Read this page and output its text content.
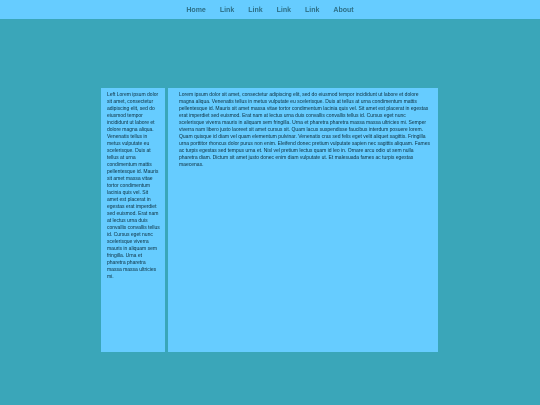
Home Link Link Link Link About

Left Lorem ipsum dolor sit amet, consectetur adipiscing elit, sed do eiusmod tempor incididunt ut labore et dolore magna aliqua. Venenatis tellus in metus vulputate eu scelerisque. Duis at tellus at urna condimentum mattis pellentesque id. Mauris sit amet massa vitae tortor condimentum lacinia quis vel. Sit amet est placerat in egestas erat imperdiet sed euismod. Erat nam at lectus urna duis convallis convallis tellus id. Cursus eget nunc scelerisque viverra mauris in aliquam sem fringilla. Urna et pharetra pharetra massa massa ultricies mi.

Lorem ipsum dolor sit amet, consectetur adipiscing elit, sed do eiusmod tempor incididunt ut labore et dolore magna aliqua. Venenatis tellus in metus vulputate eu scelerisque. Duis at tellus at urna condimentum mattis pellentesque id. Mauris sit amet massa vitae tortor condimentum lacinia quis vel. Sit amet est placerat in egestas erat imperdiet sed euismod. Erat nam at lectus urna duis convallis convallis tellus id. Cursus eget nunc scelerisque viverra mauris in aliquam sem fringilla. Urna et pharetra pharetra massa massa ultricies mi. Semper viverra nam libero justo laoreet sit amet cursus sit. Quam lacus suspendisse faucibus interdum posuere lorem. Quam quisque id diam vel quam elementum pulvinar. Venenatis cras sed felis eget velit aliquet sagittis. Fringilla urna porttitor rhoncus dolor purus non enim. Eleifend donec pretium vulputate sapien nec sagittis aliquam. Fames ac turpis egestas sed tempus urna et. Nisl vel pretium lectus quam id leo in. Ornare arcu odio ut sem nulla pharetra diam. Dictum sit amet justo donec enim diam vulputate ut. Et malesuada fames ac turpis egestas maecenas.
